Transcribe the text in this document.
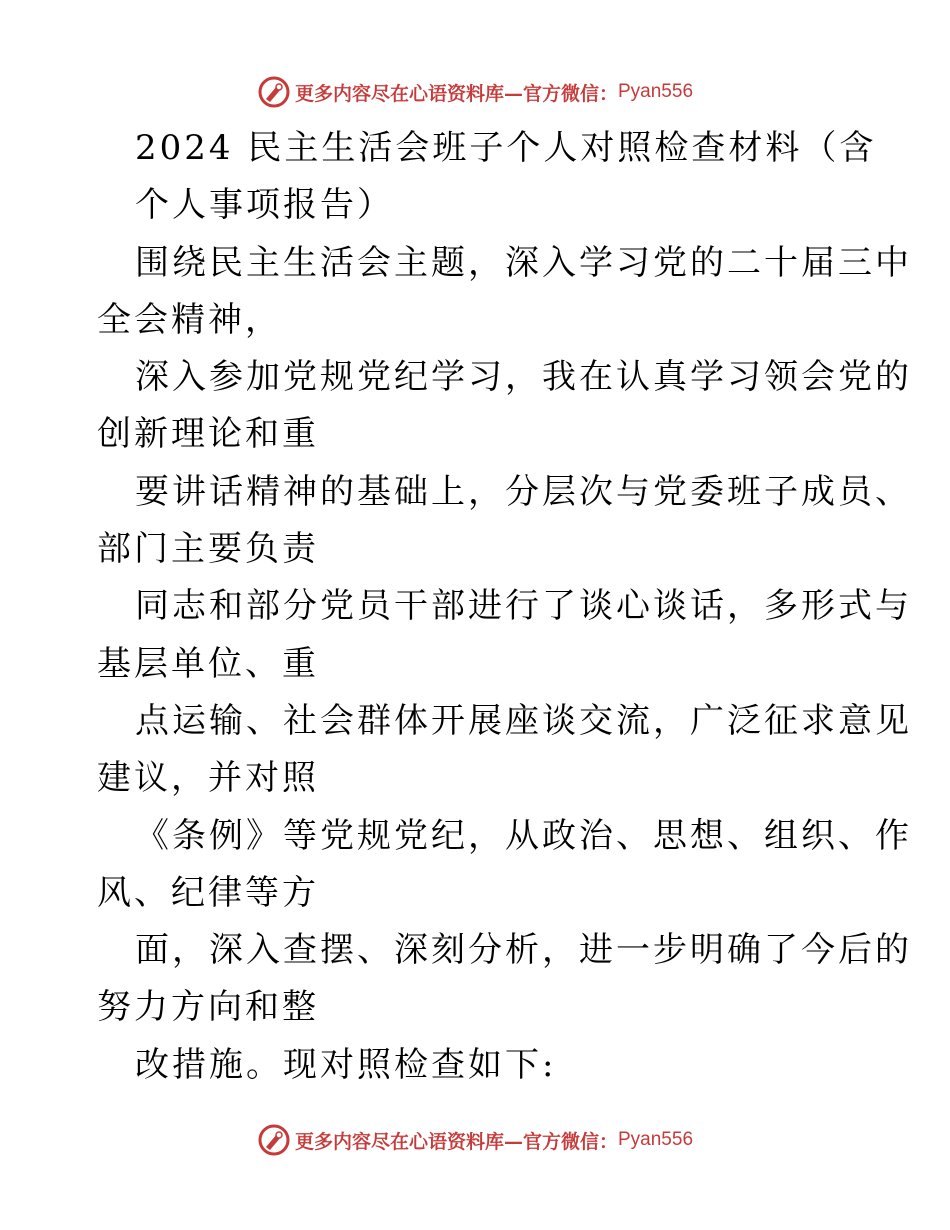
更多内容尽在心语资料库— 官方微信： Pyan556
2024 民主生活会班子个人对照检查材料（含
个人事项报告）
围绕民主生活会主题，深入学习党的二十届三中
全会精神，
深入参加党规党纪学习，我在认真学习领会党的
创新理论和重
要讲话精神的基础上，分层次与党委班子成员、
部门主要负责
同志和部分党员干部进行了谈心谈话，多形式与
基层单位、重
点运输、社会群体开展座谈交流，广泛征求意见
建议，并对照
《条例》等党规党纪，从政治、思想、组织、作
风、纪律等方
面，深入查摆、深刻分析，进一步明确了今后的
努力方向和整
改措施。现对照检查如下:
更多内容尽在心语资料库— 官方微信： Pyan556
